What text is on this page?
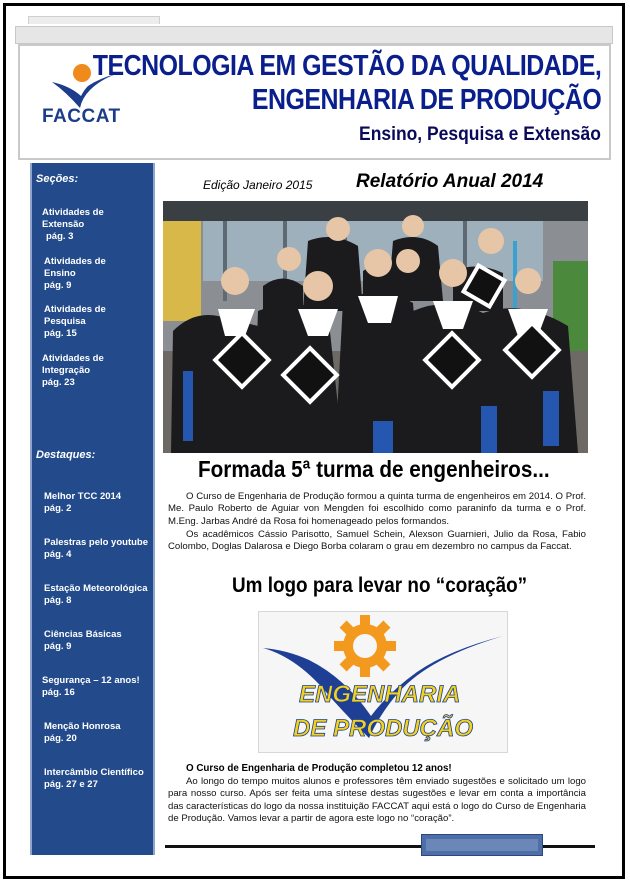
FACCAT
TECNOLOGIA EM GESTÃO DA QUALIDADE,
ENGENHARIA DE PRODUÇÃO
Ensino, Pesquisa e Extensão
Seções:
Atividades de
Extensão
pág. 3
Atividades de
Ensino
pág. 9
Atividades de
Pesquisa
pág. 15
Atividades de
Integração
pág. 23
Destaques:
Melhor TCC 2014
pág. 2
Palestras pelo youtube
pág. 4
Estação Meteorológica
pág. 8
Ciências Básicas
pág. 9
Segurança – 12 anos!
pág. 16
Menção Honrosa
pág. 20
Intercâmbio Científico
pág. 27 e 27
Edição Janeiro 2015 Relatório Anual 2014
Formada 5ª turma de engenheiros...
O Curso de Engenharia de Produção formou a quinta turma de engenheiros em 2014. O Prof. Me. Paulo Roberto de Aguiar von Mengden foi escolhido como paraninfo da turma e o Prof. M.Eng. Jarbas André da Rosa foi homenageado pelos formandos.
Os acadêmicos Cássio Parisotto, Samuel Schein, Alexson Guarnieri, Julio da Rosa, Fabio Colombo, Doglas Dalarosa e Diego Borba colaram o grau em dezembro no campus da Faccat.
Um logo para levar no “coração”
ENGENHARIA
DE PRODUÇÃO
O Curso de Engenharia de Produção completou 12 anos!
Ao longo do tempo muitos alunos e professores têm enviado sugestões e solicitado um logo para nosso curso. Após ser feita uma síntese destas sugestões e levar em conta a importância das características do logo da nossa instituição FACCAT aqui está o logo do Curso de Engenharia de Produção. Vamos levar a partir de agora este logo no “coração”.
